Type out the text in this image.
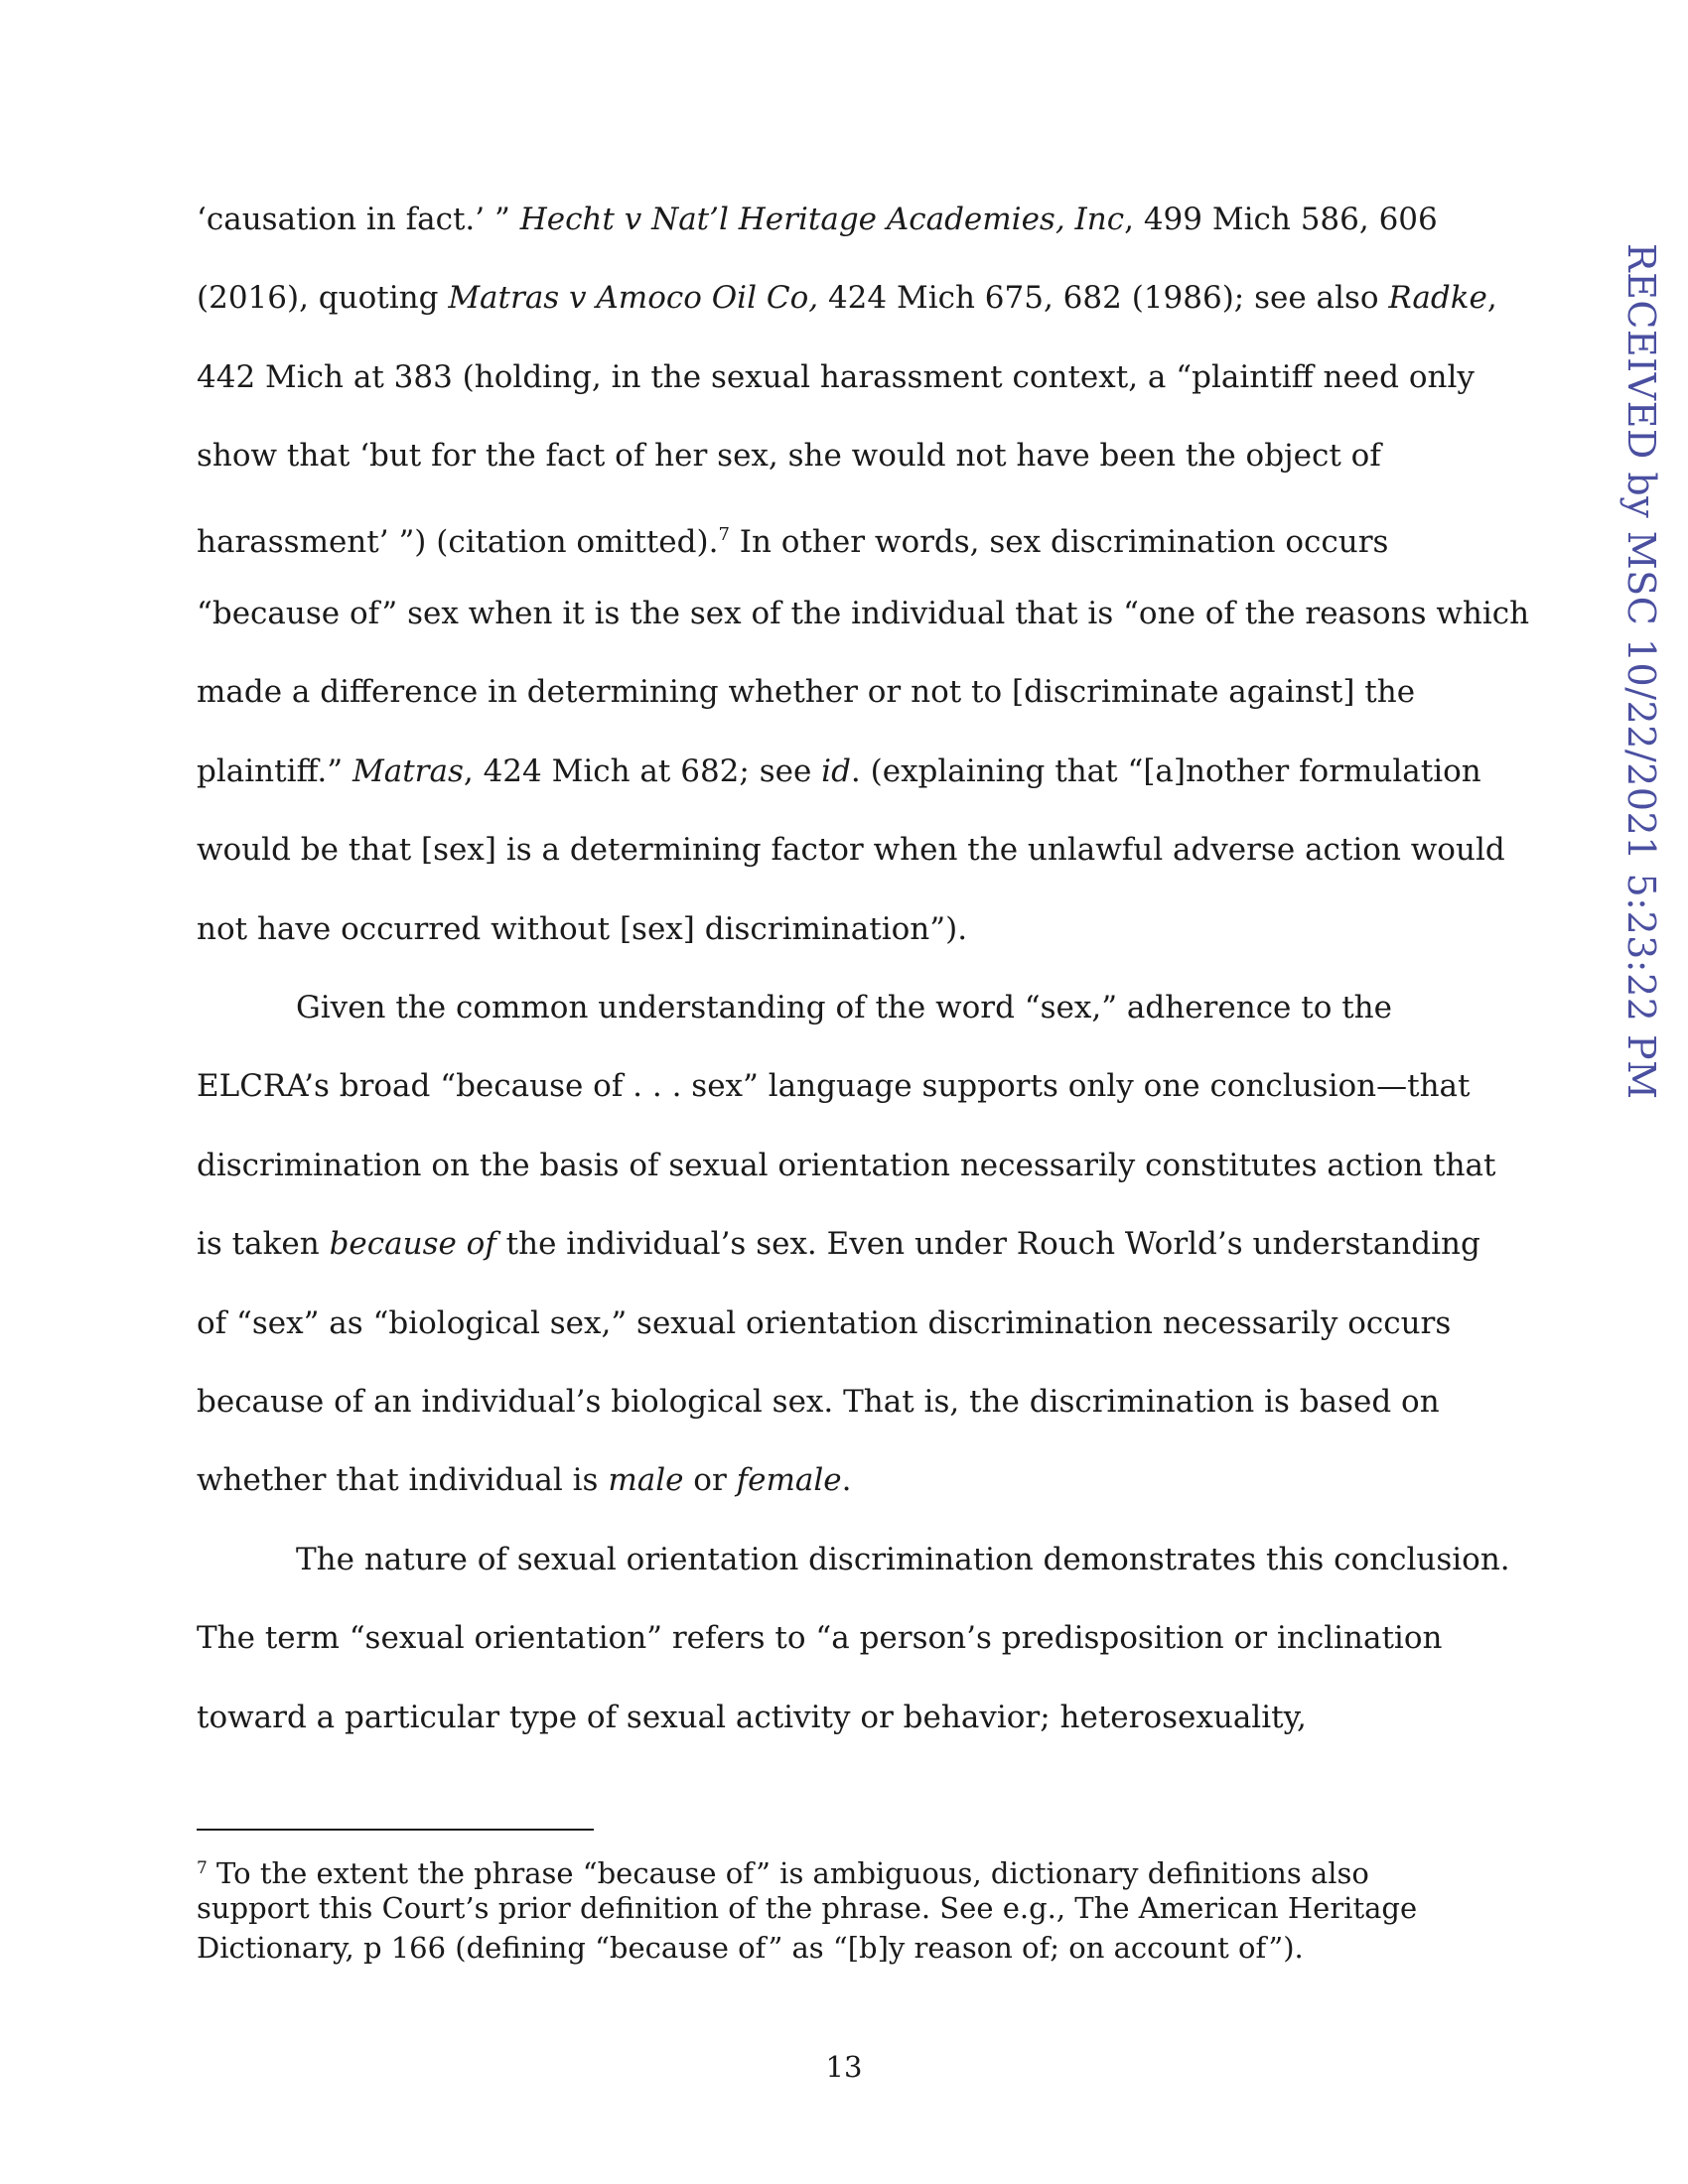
‘causation in fact.’ ” Hecht v Nat’l Heritage Academies, Inc, 499 Mich 586, 606
(2016), quoting Matras v Amoco Oil Co, 424 Mich 675, 682 (1986); see also Radke,
442 Mich at 383 (holding, in the sexual harassment context, a “plaintiff need only
show that ‘but for the fact of her sex, she would not have been the object of
harassment’ ”) (citation omitted).$^7$ In other words, sex discrimination occurs
“because of” sex when it is the sex of the individual that is “one of the reasons which
made a difference in determining whether or not to [discriminate against] the
plaintiff.” Matras, 424 Mich at 682; see id. (explaining that “[a]nother formulation
would be that [sex] is a determining factor when the unlawful adverse action would
not have occurred without [sex] discrimination”).
Given the common understanding of the word “sex,” adherence to the
ELCRA’s broad “because of . . . sex” language supports only one conclusion—that
discrimination on the basis of sexual orientation necessarily constitutes action that
is taken because of the individual’s sex. Even under Rouch World’s understanding
of “sex” as “biological sex,” sexual orientation discrimination necessarily occurs
because of an individual’s biological sex. That is, the discrimination is based on
whether that individual is male or female.
The nature of sexual orientation discrimination demonstrates this conclusion.
The term “sexual orientation” refers to “a person’s predisposition or inclination
toward a particular type of sexual activity or behavior; heterosexuality,
$^7$ To the extent the phrase “because of” is ambiguous, dictionary definitions also
support this Court’s prior definition of the phrase. See e.g., The American Heritage
Dictionary, p 166 (defining “because of” as “[b]y reason of; on account of”).
13
RECEIVED by MSC 10/22/2021 5:23:22 PM
